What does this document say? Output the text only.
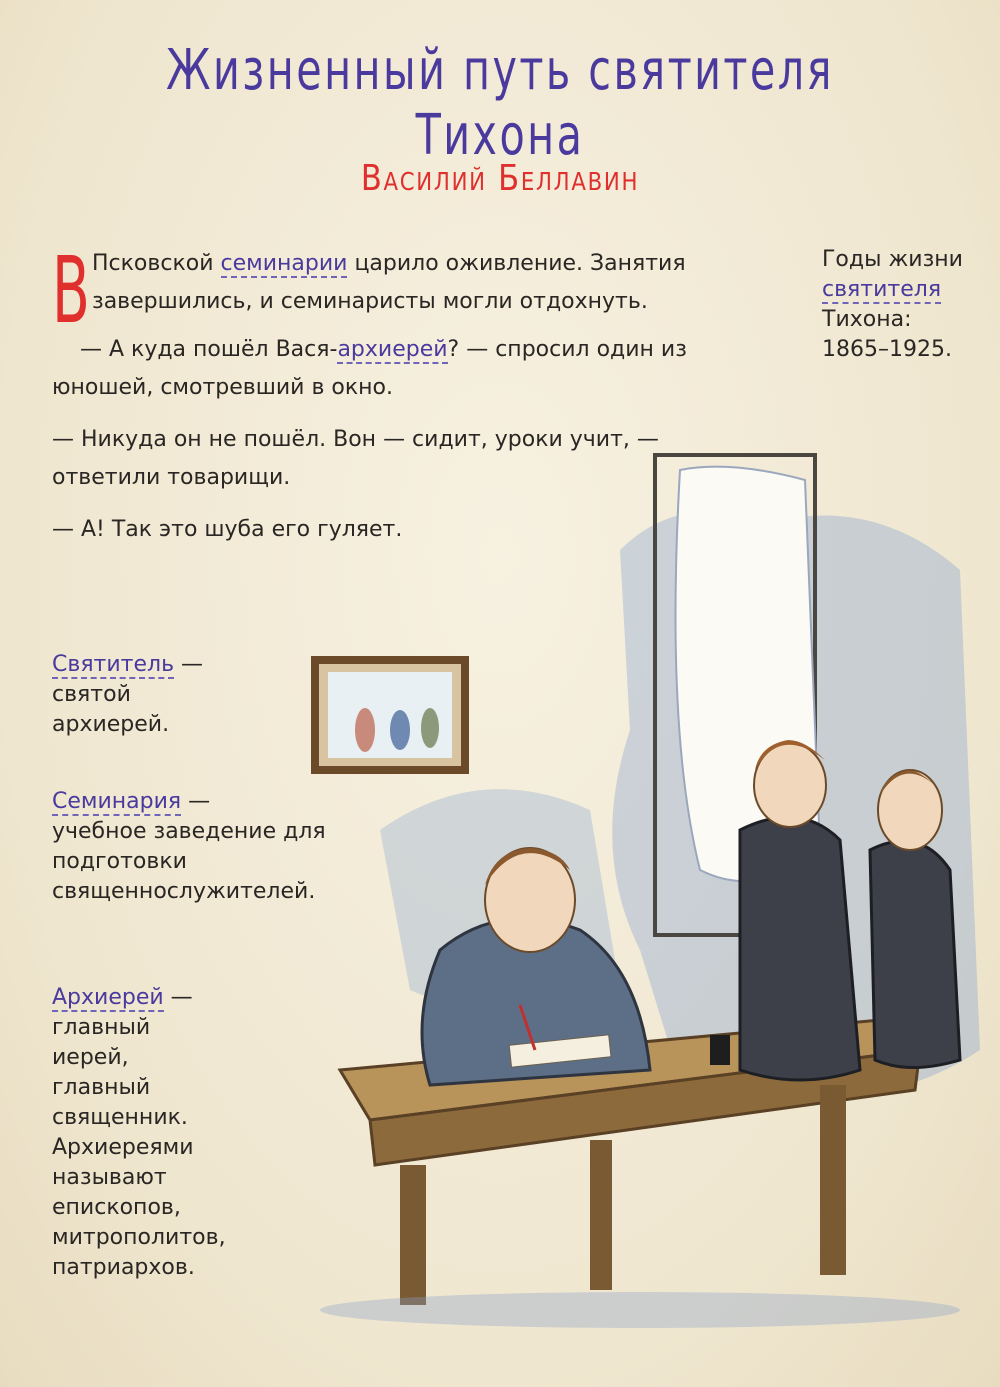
Жизненный путь святителя Тихона
Василий Беллавин
В Псковской семинарии царило оживление. Занятия завершились, и семинаристы могли отдохнуть.

— А куда пошёл Вася-архиерей? — спросил один из юношей, смотревший в окно.

— Никуда он не пошёл. Вон — сидит, уроки учит, — ответили товарищи.

— А! Так это шуба его гуляет.

Годы жизни
святителя
Тихона:
1865–1925.
Святитель —
святой архиерей.
Семинария —
учебное заведение для подготовки священнослужителей.
Архиерей —
главный иерей, главный священник. Архиереями называют епископов, митрополитов, патриархов.
